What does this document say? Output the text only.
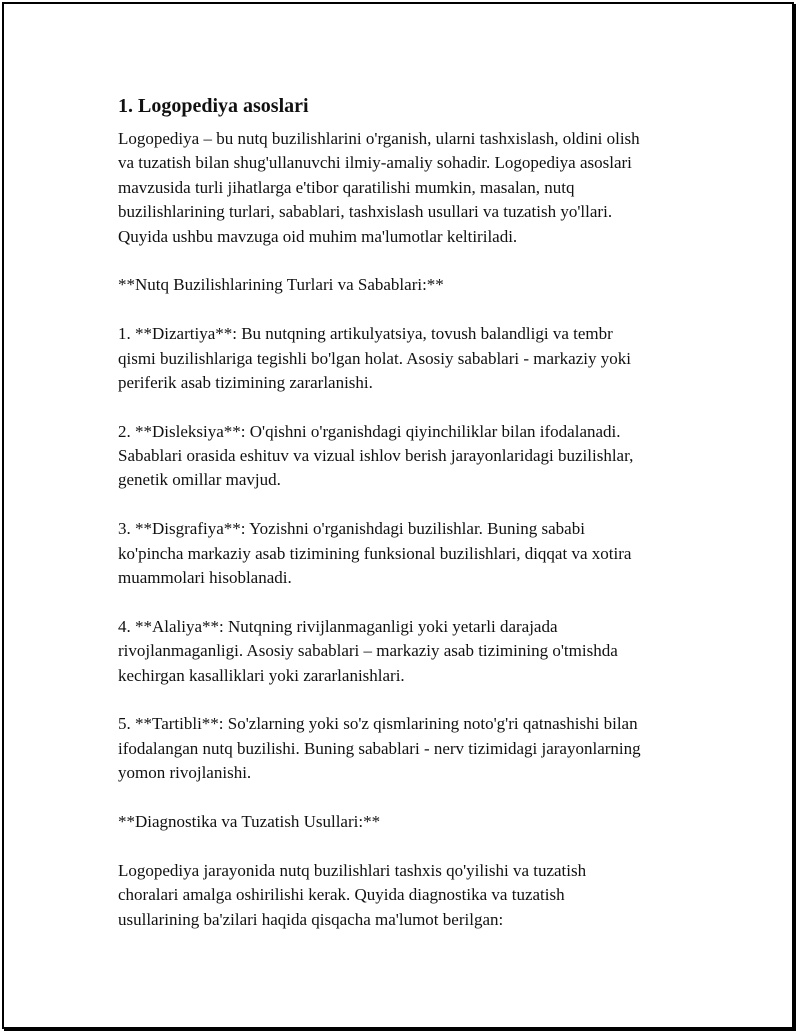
1. Logopediya asoslari
Logopediya – bu nutq buzilishlarini o'rganish, ularni tashxislash, oldini olish
va tuzatish bilan shug'ullanuvchi ilmiy-amaliy sohadir. Logopediya asoslari
mavzusida turli jihatlarga e'tibor qaratilishi mumkin, masalan, nutq
buzilishlarining turlari, sabablari, tashxislash usullari va tuzatish yo'llari.
Quyida ushbu mavzuga oid muhim ma'lumotlar keltiriladi.
**Nutq Buzilishlarining Turlari va Sabablari:**
1. **Dizartiya**: Bu nutqning artikulyatsiya, tovush balandligi va tembr
qismi buzilishlariga tegishli bo'lgan holat. Asosiy sabablari - markaziy yoki
periferik asab tizimining zararlanishi.
2. **Disleksiya**: O'qishni o'rganishdagi qiyinchiliklar bilan ifodalanadi.
Sabablari orasida eshituv va vizual ishlov berish jarayonlaridagi buzilishlar,
genetik omillar mavjud.
3. **Disgrafiya**: Yozishni o'rganishdagi buzilishlar. Buning sababi
ko'pincha markaziy asab tizimining funksional buzilishlari, diqqat va xotira
muammolari hisoblanadi.
4. **Alaliya**: Nutqning rivijlanmaganligi yoki yetarli darajada
rivojlanmaganligi. Asosiy sabablari – markaziy asab tizimining o'tmishda
kechirgan kasalliklari yoki zararlanishlari.
5. **Tartibli**: So'zlarning yoki so'z qismlarining noto'g'ri qatnashishi bilan
ifodalangan nutq buzilishi. Buning sabablari - nerv tizimidagi jarayonlarning
yomon rivojlanishi.
**Diagnostika va Tuzatish Usullari:**
Logopediya jarayonida nutq buzilishlari tashxis qo'yilishi va tuzatish
choralari amalga oshirilishi kerak. Quyida diagnostika va tuzatish
usullarining ba'zilari haqida qisqacha ma'lumot berilgan:
